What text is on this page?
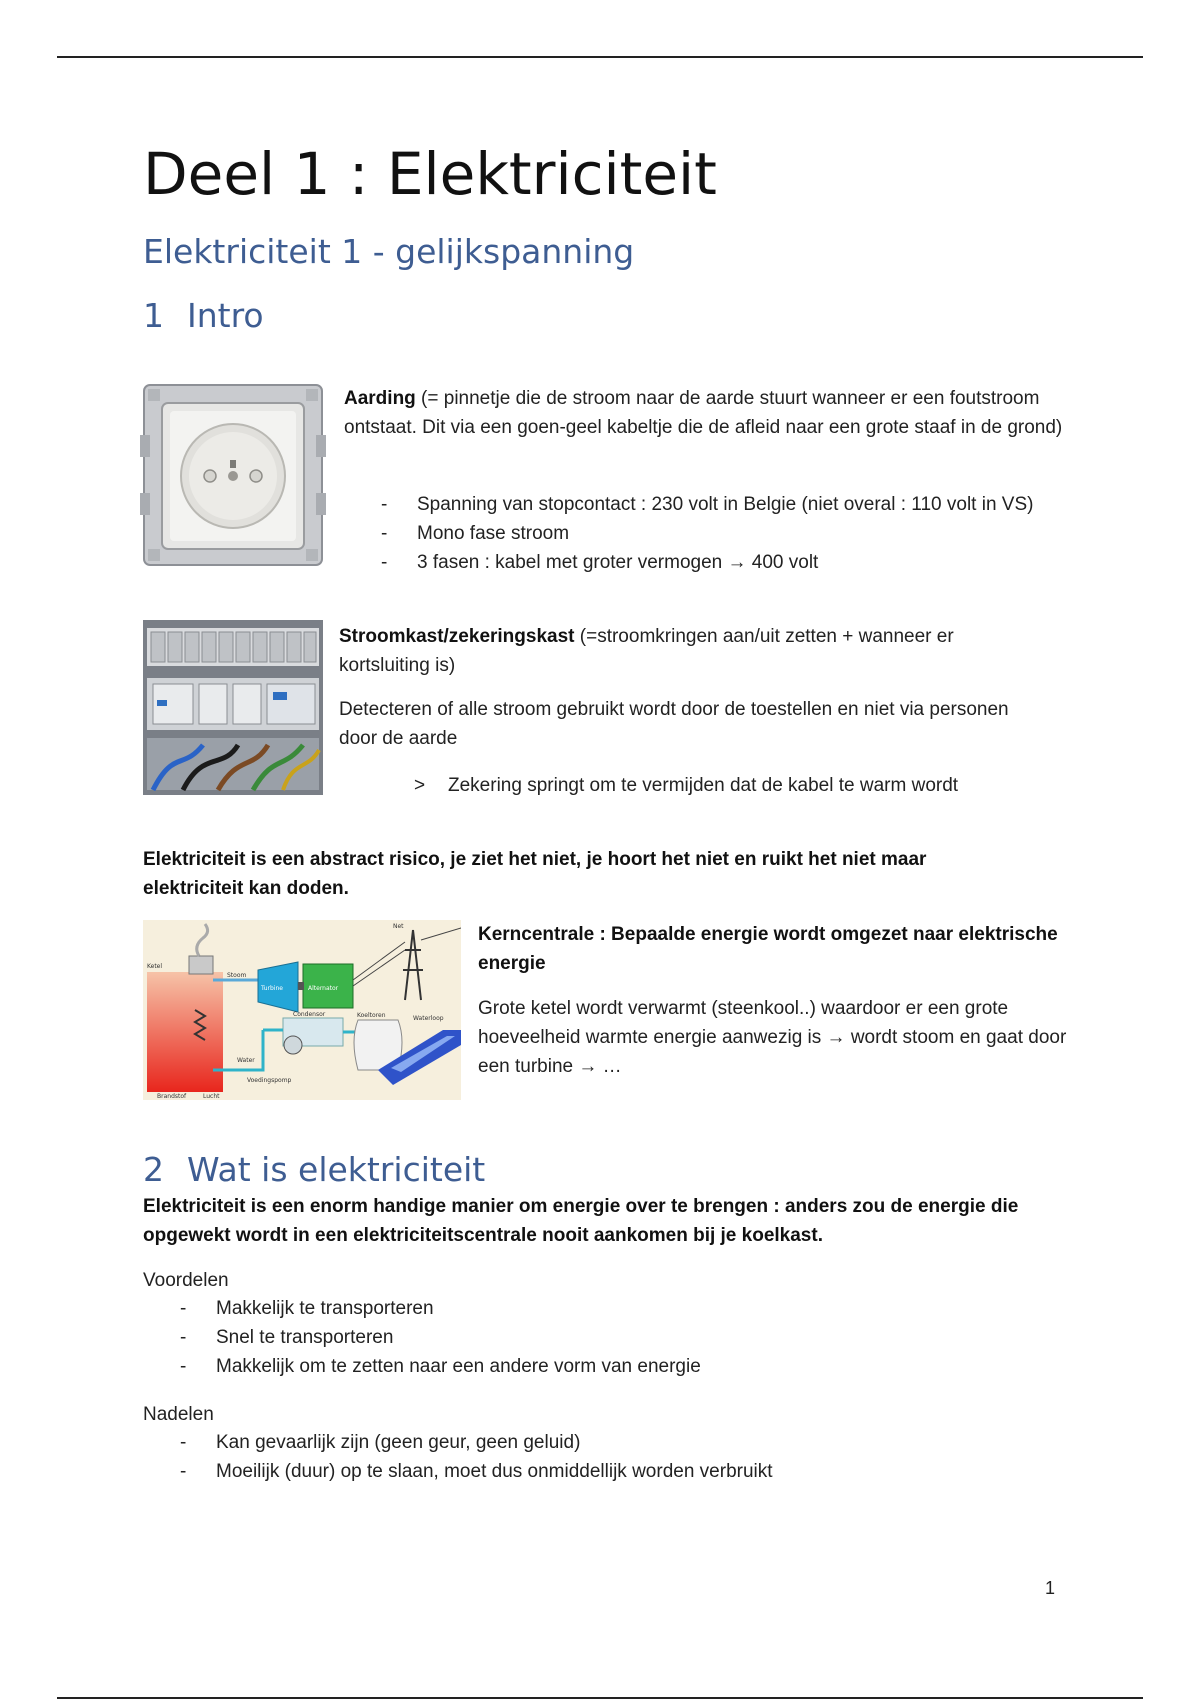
Deel 1 : Elektriciteit
Elektriciteit 1 - gelijkspanning
1 Intro
Aarding (= pinnetje die de stroom naar de aarde stuurt wanneer er een foutstroom ontstaat. Dit via een goen-geel kabeltje die de afleid naar een grote staaf in de grond)
- Spanning van stopcontact : 230 volt in Belgie (niet overal : 110 volt in VS)
- Mono fase stroom
- 3 fasen : kabel met groter vermogen → 400 volt
Stroomkast/zekeringskast (=stroomkringen aan/uit zetten + wanneer er kortsluiting is)
Detecteren of alle stroom gebruikt wordt door de toestellen en niet via personen door de aarde
> Zekering springt om te vermijden dat de kabel te warm wordt
Elektriciteit is een abstract risico, je ziet het niet, je hoort het niet en ruikt het niet maar elektriciteit kan doden.
Net
Ketel
Stoom
Turbine	Alternator
Condensor	Koeltoren	Waterloop
Water
Voedingspomp
Brandstof	Lucht
Kerncentrale : Bepaalde energie wordt omgezet naar elektrische energie
Grote ketel wordt verwarmt (steenkool..) waardoor er een grote hoeveelheid warmte energie aanwezig is → wordt stoom en gaat door een turbine → …
2 Wat is elektriciteit
Elektriciteit is een enorm handige manier om energie over te brengen : anders zou de energie die opgewekt wordt in een elektriciteitscentrale nooit aankomen bij je koelkast.
Voordelen
- Makkelijk te transporteren
- Snel te transporteren
- Makkelijk om te zetten naar een andere vorm van energie
Nadelen
- Kan gevaarlijk zijn (geen geur, geen geluid)
- Moeilijk (duur) op te slaan, moet dus onmiddellijk worden verbruikt
1
